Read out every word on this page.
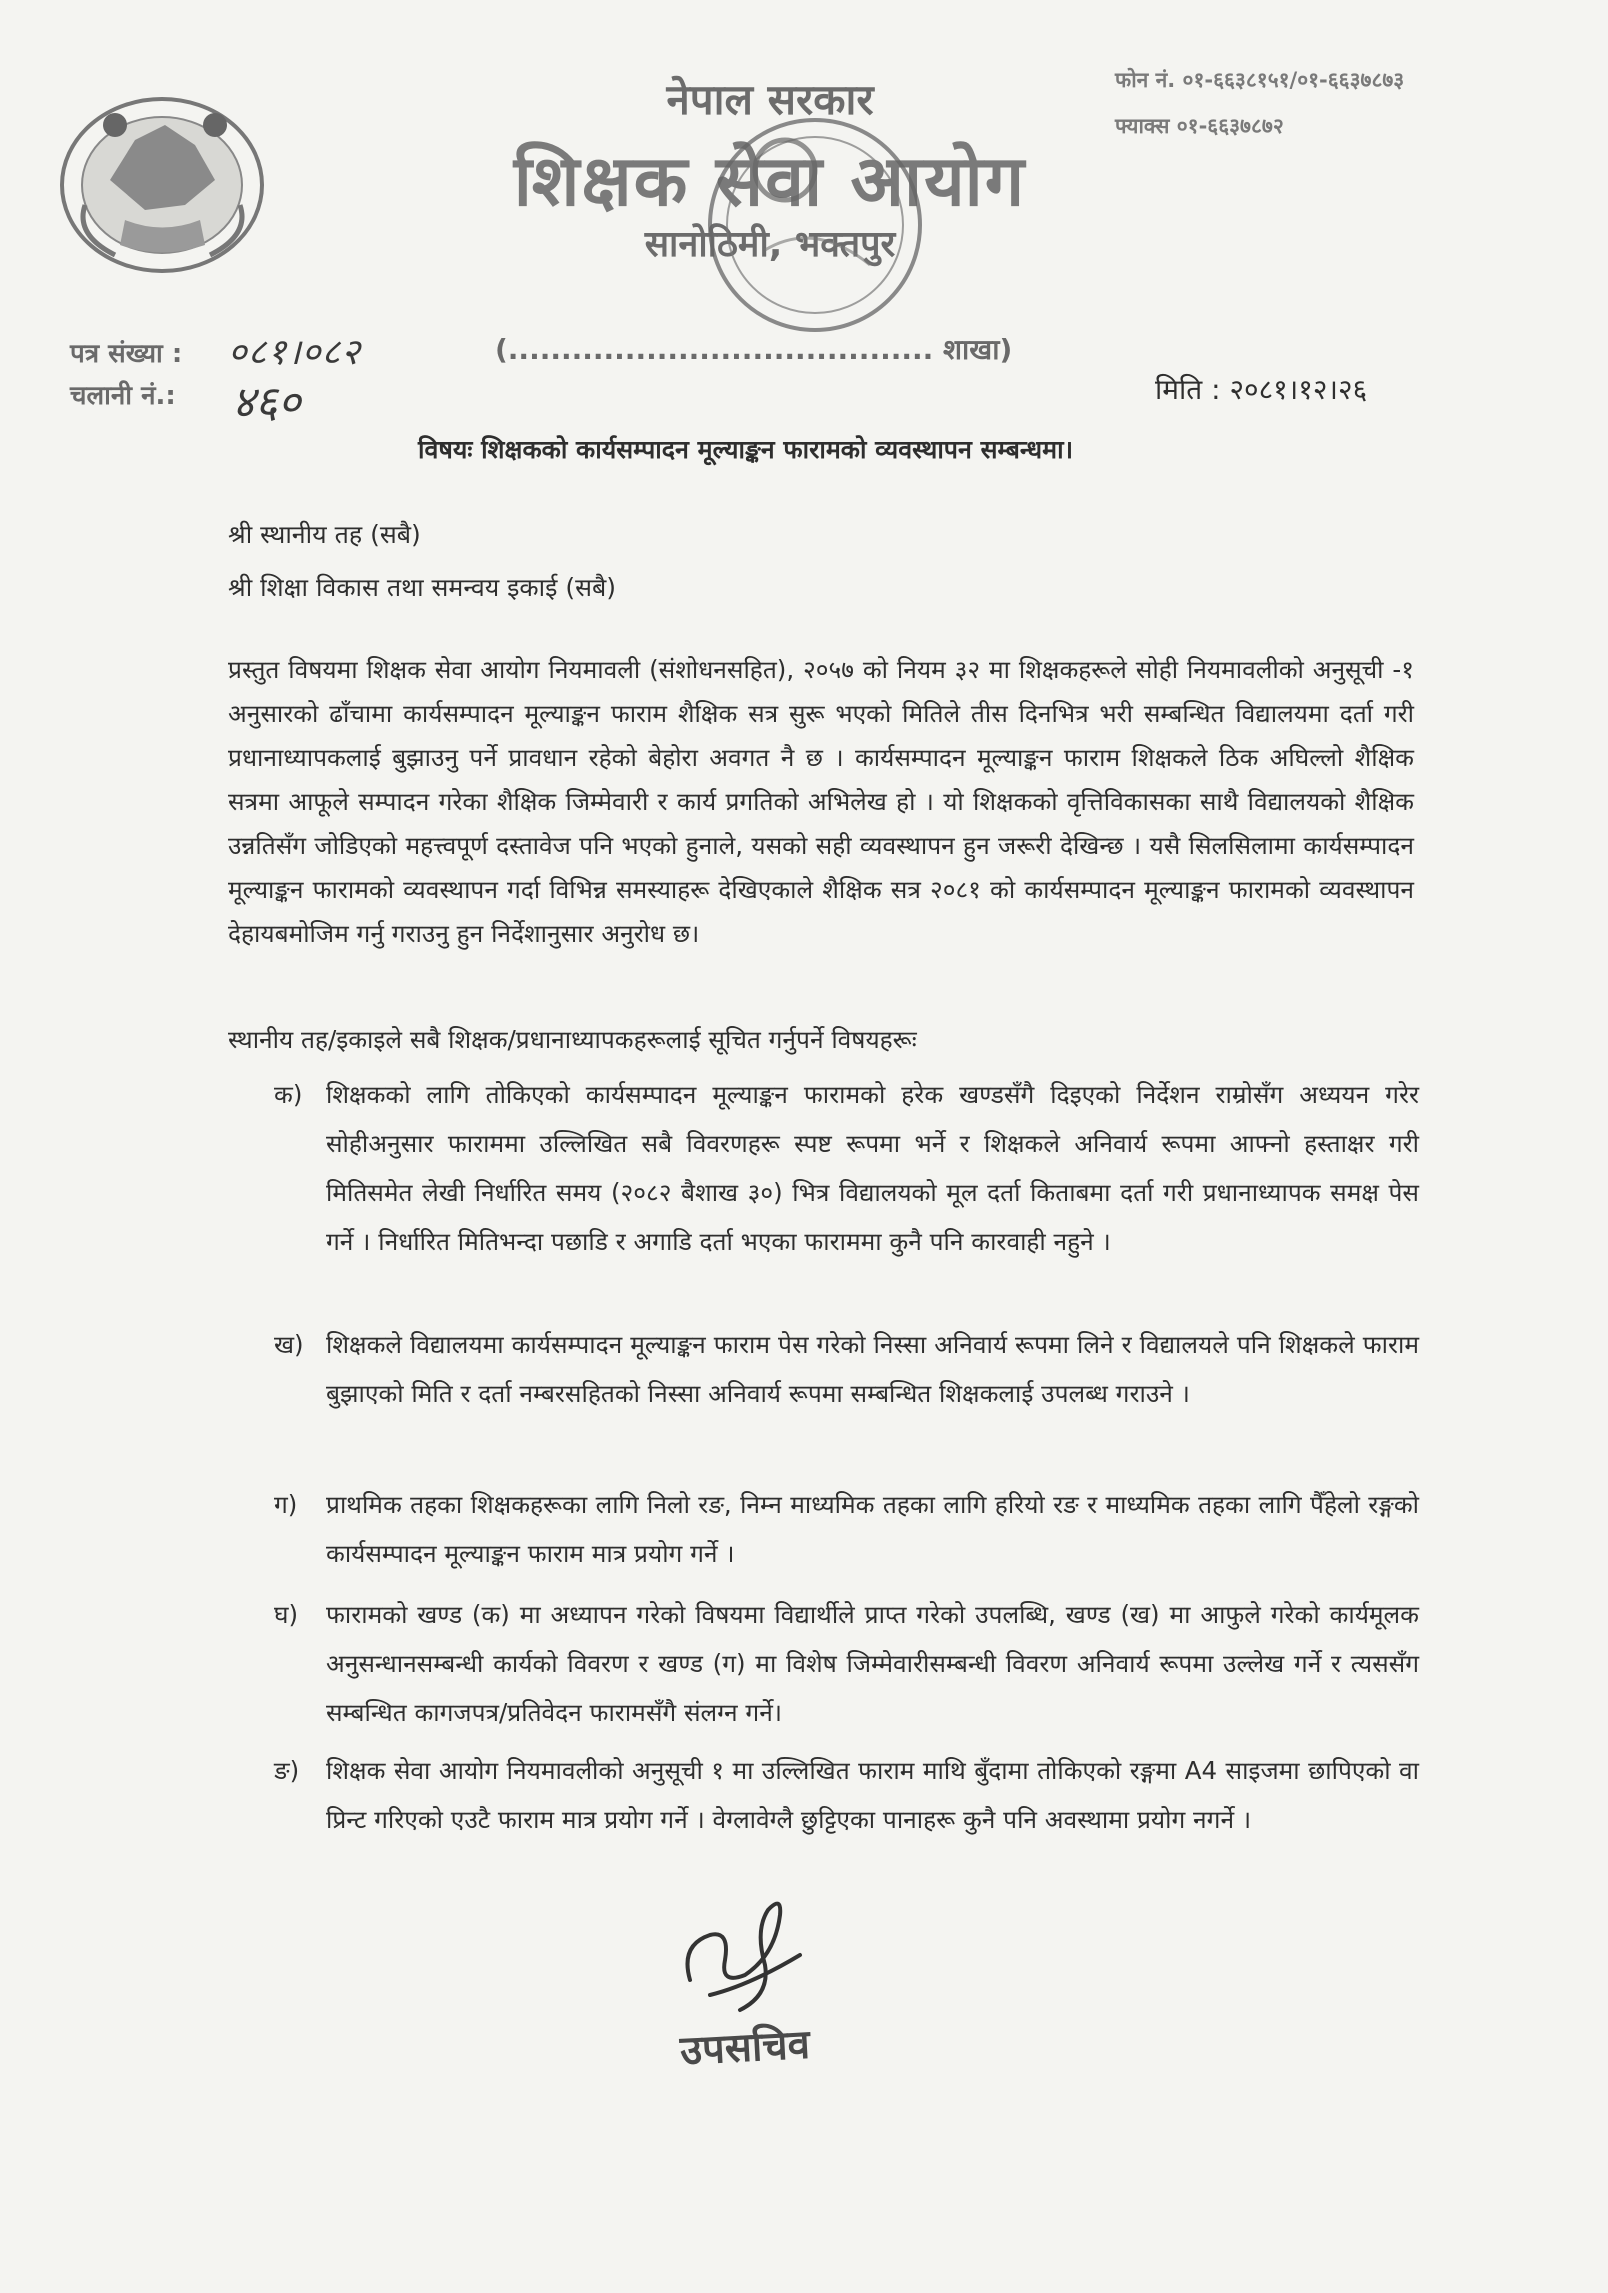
नेपाल सरकार
शिक्षक सेवा आयोग
सानोठिमी, भक्तपुर
फोन नं. ०१-६६३८१५१/०१-६६३७८७३
फ्याक्स ०१-६६३७८७२
पत्र संख्या : ०८१।०८२	(........................................ शाखा)
चलानी नं.: ४६०	मिति : २०८१।१२।२६
विषयः शिक्षकको कार्यसम्पादन मूल्याङ्कन फारामको व्यवस्थापन सम्बन्धमा।
श्री स्थानीय तह (सबै)
श्री शिक्षा विकास तथा समन्वय इकाई (सबै)
प्रस्तुत विषयमा शिक्षक सेवा आयोग नियमावली (संशोधनसहित), २०५७ को नियम ३२ मा शिक्षकहरूले सोही नियमावलीको अनुसूची -१ अनुसारको ढाँचामा कार्यसम्पादन मूल्याङ्कन फाराम शैक्षिक सत्र सुरू भएको मितिले तीस दिनभित्र भरी सम्बन्धित विद्यालयमा दर्ता गरी प्रधानाध्यापकलाई बुझाउनु पर्ने प्रावधान रहेको बेहोरा अवगत नै छ । कार्यसम्पादन मूल्याङ्कन फाराम शिक्षकले ठिक अघिल्लो शैक्षिक सत्रमा आफूले सम्पादन गरेका शैक्षिक जिम्मेवारी र कार्य प्रगतिको अभिलेख हो । यो शिक्षकको वृत्तिविकासका साथै विद्यालयको शैक्षिक उन्नतिसँग जोडिएको महत्त्वपूर्ण दस्तावेज पनि भएको हुनाले, यसको सही व्यवस्थापन हुन जरूरी देखिन्छ । यसै सिलसिलामा कार्यसम्पादन मूल्याङ्कन फारामको व्यवस्थापन गर्दा विभिन्न समस्याहरू देखिएकाले शैक्षिक सत्र २०८१ को कार्यसम्पादन मूल्याङ्कन फारामको व्यवस्थापन देहायबमोजिम गर्नु गराउनु हुन निर्देशानुसार अनुरोध छ।
स्थानीय तह/इकाइले सबै शिक्षक/प्रधानाध्यापकहरूलाई सूचित गर्नुपर्ने विषयहरूः
क) शिक्षकको लागि तोकिएको कार्यसम्पादन मूल्याङ्कन फारामको हरेक खण्डसँगै दिइएको निर्देशन राम्रोसँग अध्ययन गरेर सोहीअनुसार फाराममा उल्लिखित सबै विवरणहरू स्पष्ट रूपमा भर्ने र शिक्षकले अनिवार्य रूपमा आफ्नो हस्ताक्षर गरी मितिसमेत लेखी निर्धारित समय (२०८२ बैशाख ३०) भित्र विद्यालयको मूल दर्ता किताबमा दर्ता गरी प्रधानाध्यापक समक्ष पेस गर्ने । निर्धारित मितिभन्दा पछाडि र अगाडि दर्ता भएका फाराममा कुनै पनि कारवाही नहुने ।
ख) शिक्षकले विद्यालयमा कार्यसम्पादन मूल्याङ्कन फाराम पेस गरेको निस्सा अनिवार्य रूपमा लिने र विद्यालयले पनि शिक्षकले फाराम बुझाएको मिति र दर्ता नम्बरसहितको निस्सा अनिवार्य रूपमा सम्बन्धित शिक्षकलाई उपलब्ध गराउने ।
ग)	प्राथमिक तहका शिक्षकहरूका लागि निलो रङ, निम्न माध्यमिक तहका लागि हरियो रङ र माध्यमिक तहका लागि पैँहेलो रङ्गको कार्यसम्पादन मूल्याङ्कन फाराम मात्र प्रयोग गर्ने ।
घ)	फारामको खण्ड (क) मा अध्यापन गरेको विषयमा विद्यार्थीले प्राप्त गरेको उपलब्धि, खण्ड (ख) मा आफुले गरेको कार्यमूलक अनुसन्धानसम्बन्धी कार्यको विवरण र खण्ड (ग) मा विशेष जिम्मेवारीसम्बन्धी विवरण अनिवार्य रूपमा उल्लेख गर्ने र त्यससँग सम्बन्धित कागजपत्र/प्रतिवेदन फारामसँगै संलग्न गर्ने।
ङ)	शिक्षक सेवा आयोग नियमावलीको अनुसूची १ मा उल्लिखित फाराम माथि बुँदामा तोकिएको रङ्गमा A4 साइजमा छापिएको वा प्रिन्ट गरिएको एउटै फाराम मात्र प्रयोग गर्ने । वेग्लावेग्लै छुट्टिएका पानाहरू कुनै पनि अवस्थामा प्रयोग नगर्ने ।
उपसचिव
